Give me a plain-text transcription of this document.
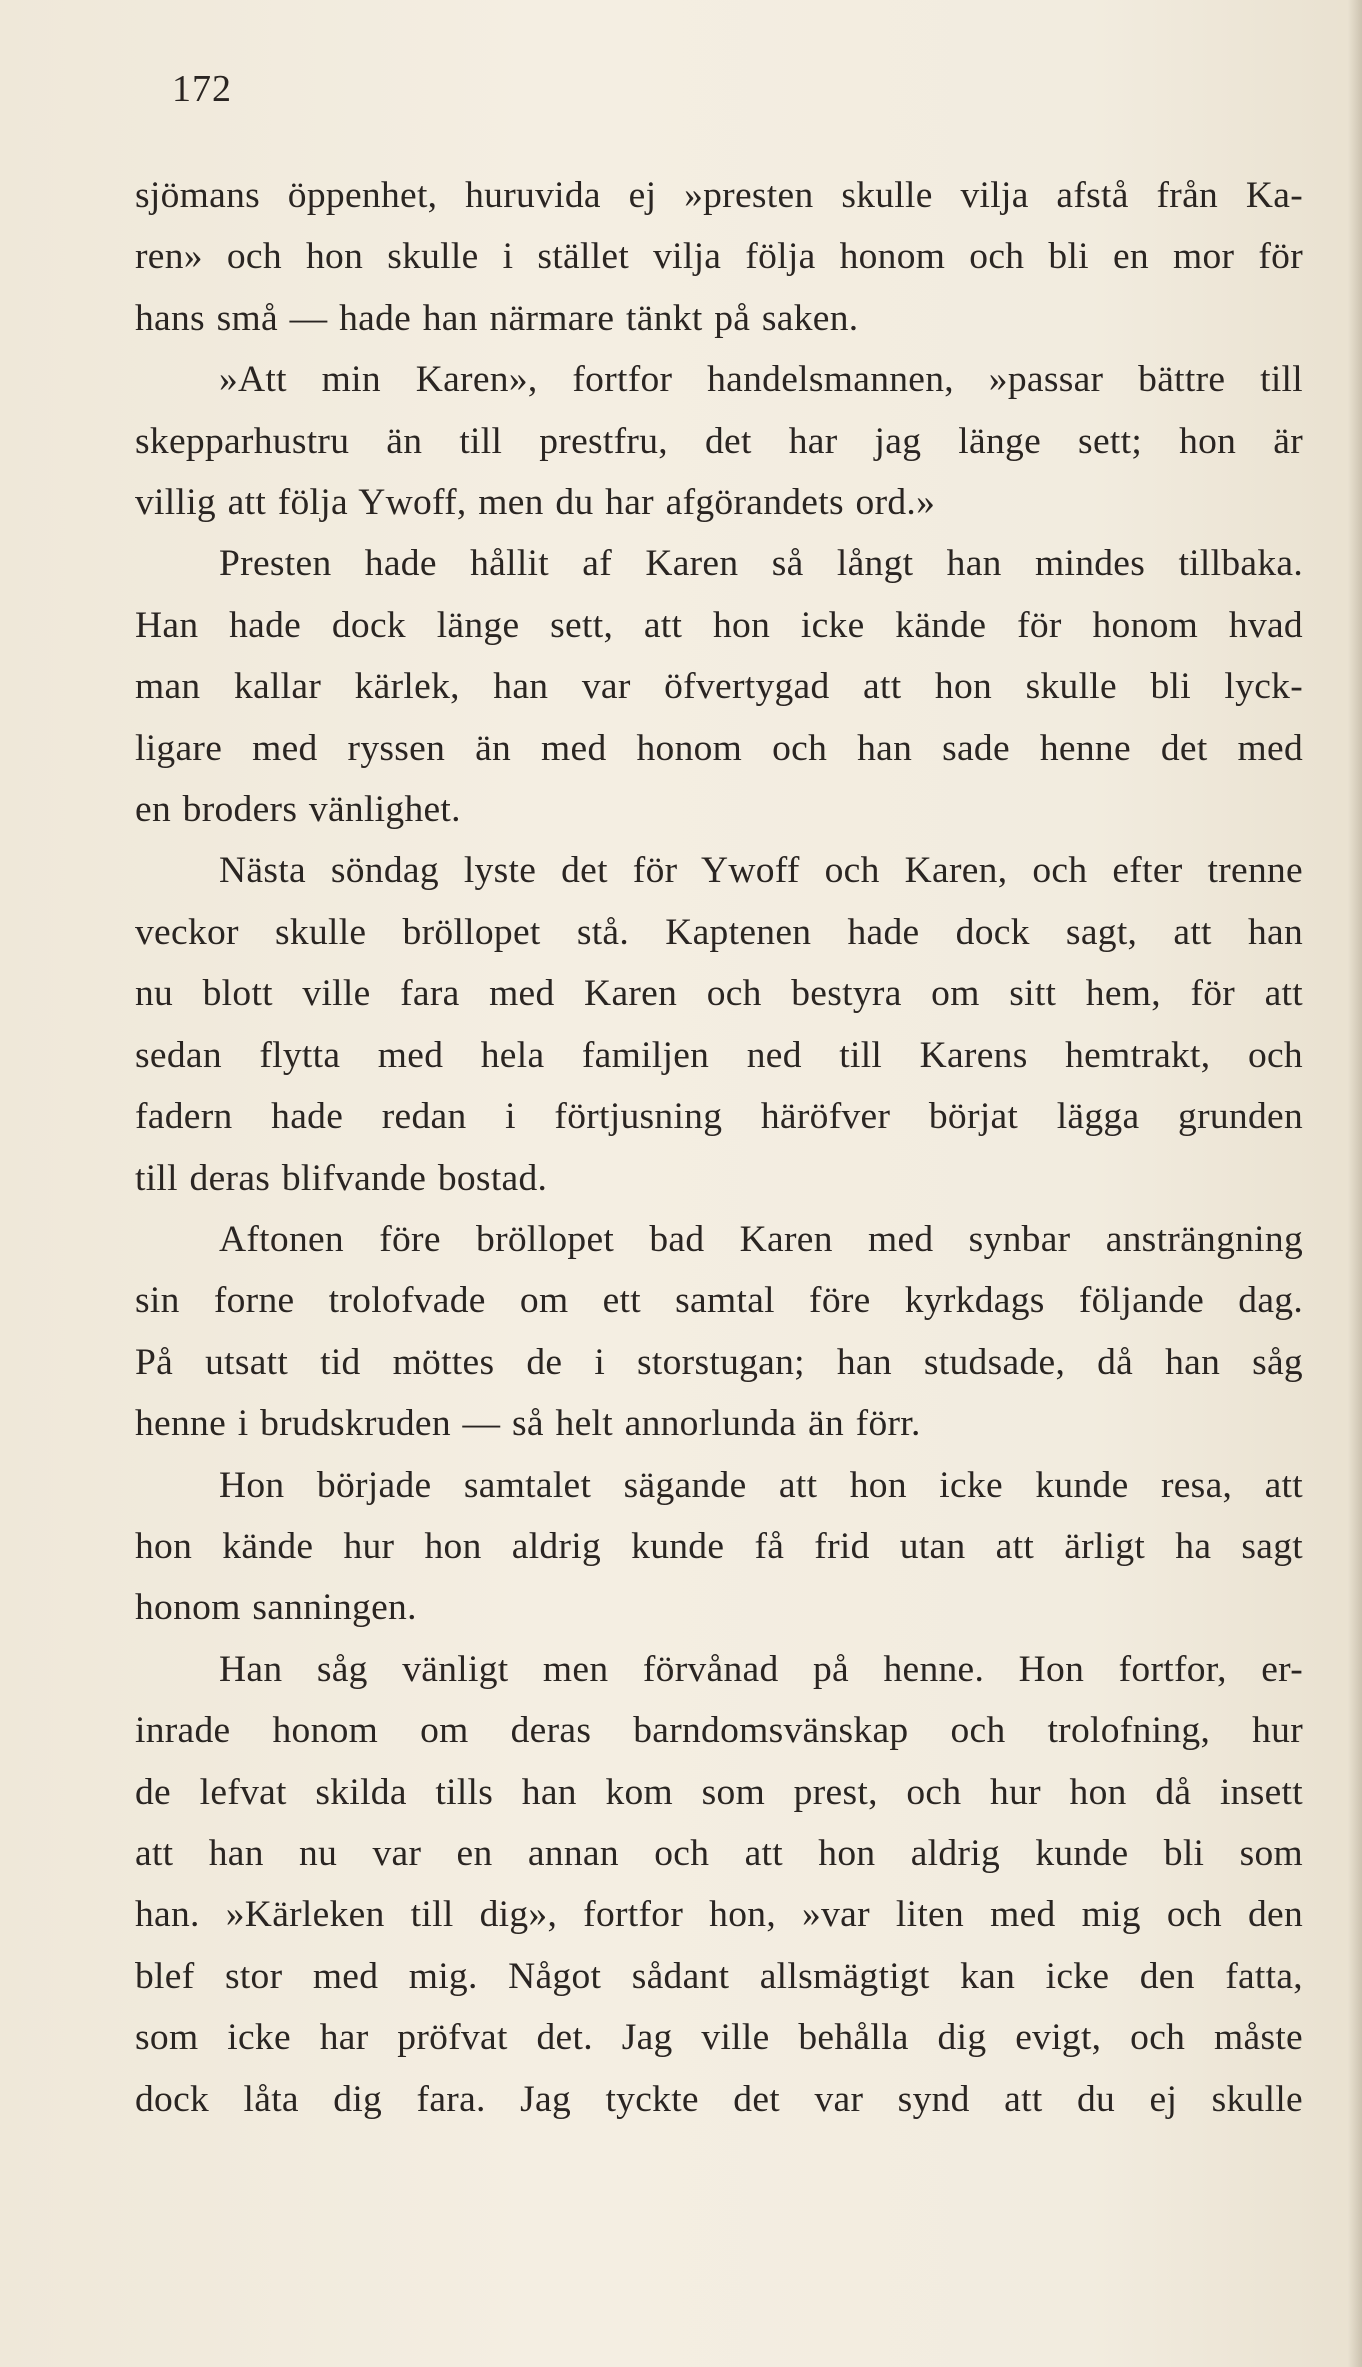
172

sjömans öppenhet, huruvida ej »presten skulle vilja afstå från Ka-
ren» och hon skulle i stället vilja följa honom och bli en mor för
hans små — hade han närmare tänkt på saken.

»Att min Karen», fortfor handelsmannen, »passar bättre till
skepparhustru än till prestfru, det har jag länge sett; hon är
villig att följa Ywoff, men du har afgörandets ord.»

Presten hade hållit af Karen så långt han mindes tillbaka.
Han hade dock länge sett, att hon icke kände för honom hvad
man kallar kärlek, han var öfvertygad att hon skulle bli lyck-
ligare med ryssen än med honom och han sade henne det med
en broders vänlighet.

Nästa söndag lyste det för Ywoff och Karen, och efter trenne
veckor skulle bröllopet stå. Kaptenen hade dock sagt, att han
nu blott ville fara med Karen och bestyra om sitt hem, för att
sedan flytta med hela familjen ned till Karens hemtrakt, och
fadern hade redan i förtjusning häröfver börjat lägga grunden
till deras blifvande bostad.

Aftonen före bröllopet bad Karen med synbar ansträngning
sin forne trolofvade om ett samtal före kyrkdags följande dag.
På utsatt tid möttes de i storstugan; han studsade, då han såg
henne i brudskruden — så helt annorlunda än förr.

Hon började samtalet sägande att hon icke kunde resa, att
hon kände hur hon aldrig kunde få frid utan att ärligt ha sagt
honom sanningen.

Han såg vänligt men förvånad på henne. Hon fortfor, er-
inrade honom om deras barndomsvänskap och trolofning, hur
de lefvat skilda tills han kom som prest, och hur hon då insett
att han nu var en annan och att hon aldrig kunde bli som
han. »Kärleken till dig», fortfor hon, »var liten med mig och den
blef stor med mig. Något sådant allsmägtigt kan icke den fatta,
som icke har pröfvat det. Jag ville behålla dig evigt, och måste
dock låta dig fara. Jag tyckte det var synd att du ej skulle
